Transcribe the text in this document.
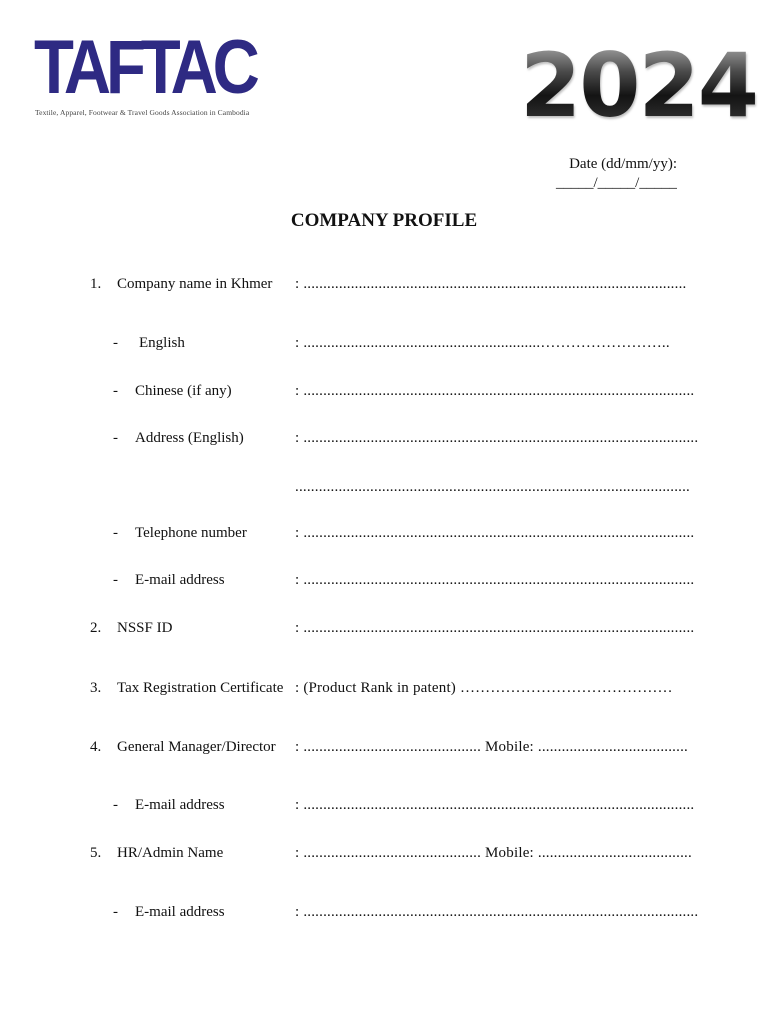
TAFTAC
Textile, Apparel, Footwear & Travel Goods Association in Cambodia	2024
Date (dd/mm/yy):
_____/_____/_____
COMPANY PROFILE
1. Company name in Khmer : .................................................................................................
- English	: ............................................................……………………..
- Chinese (if any)	: ...................................................................................................
- Address (English)	: ....................................................................................................
....................................................................................................
- Telephone number	: ...................................................................................................
- E-mail address	: ...................................................................................................
2. NSSF ID	: ...................................................................................................
3. Tax Registration Certificate : (Product Rank in patent) ……………………………………
4. General Manager/Director : ............................................. Mobile: ......................................
- E-mail address	: ...................................................................................................
5. HR/Admin Name	: ............................................. Mobile: .......................................
- E-mail address	: ....................................................................................................
